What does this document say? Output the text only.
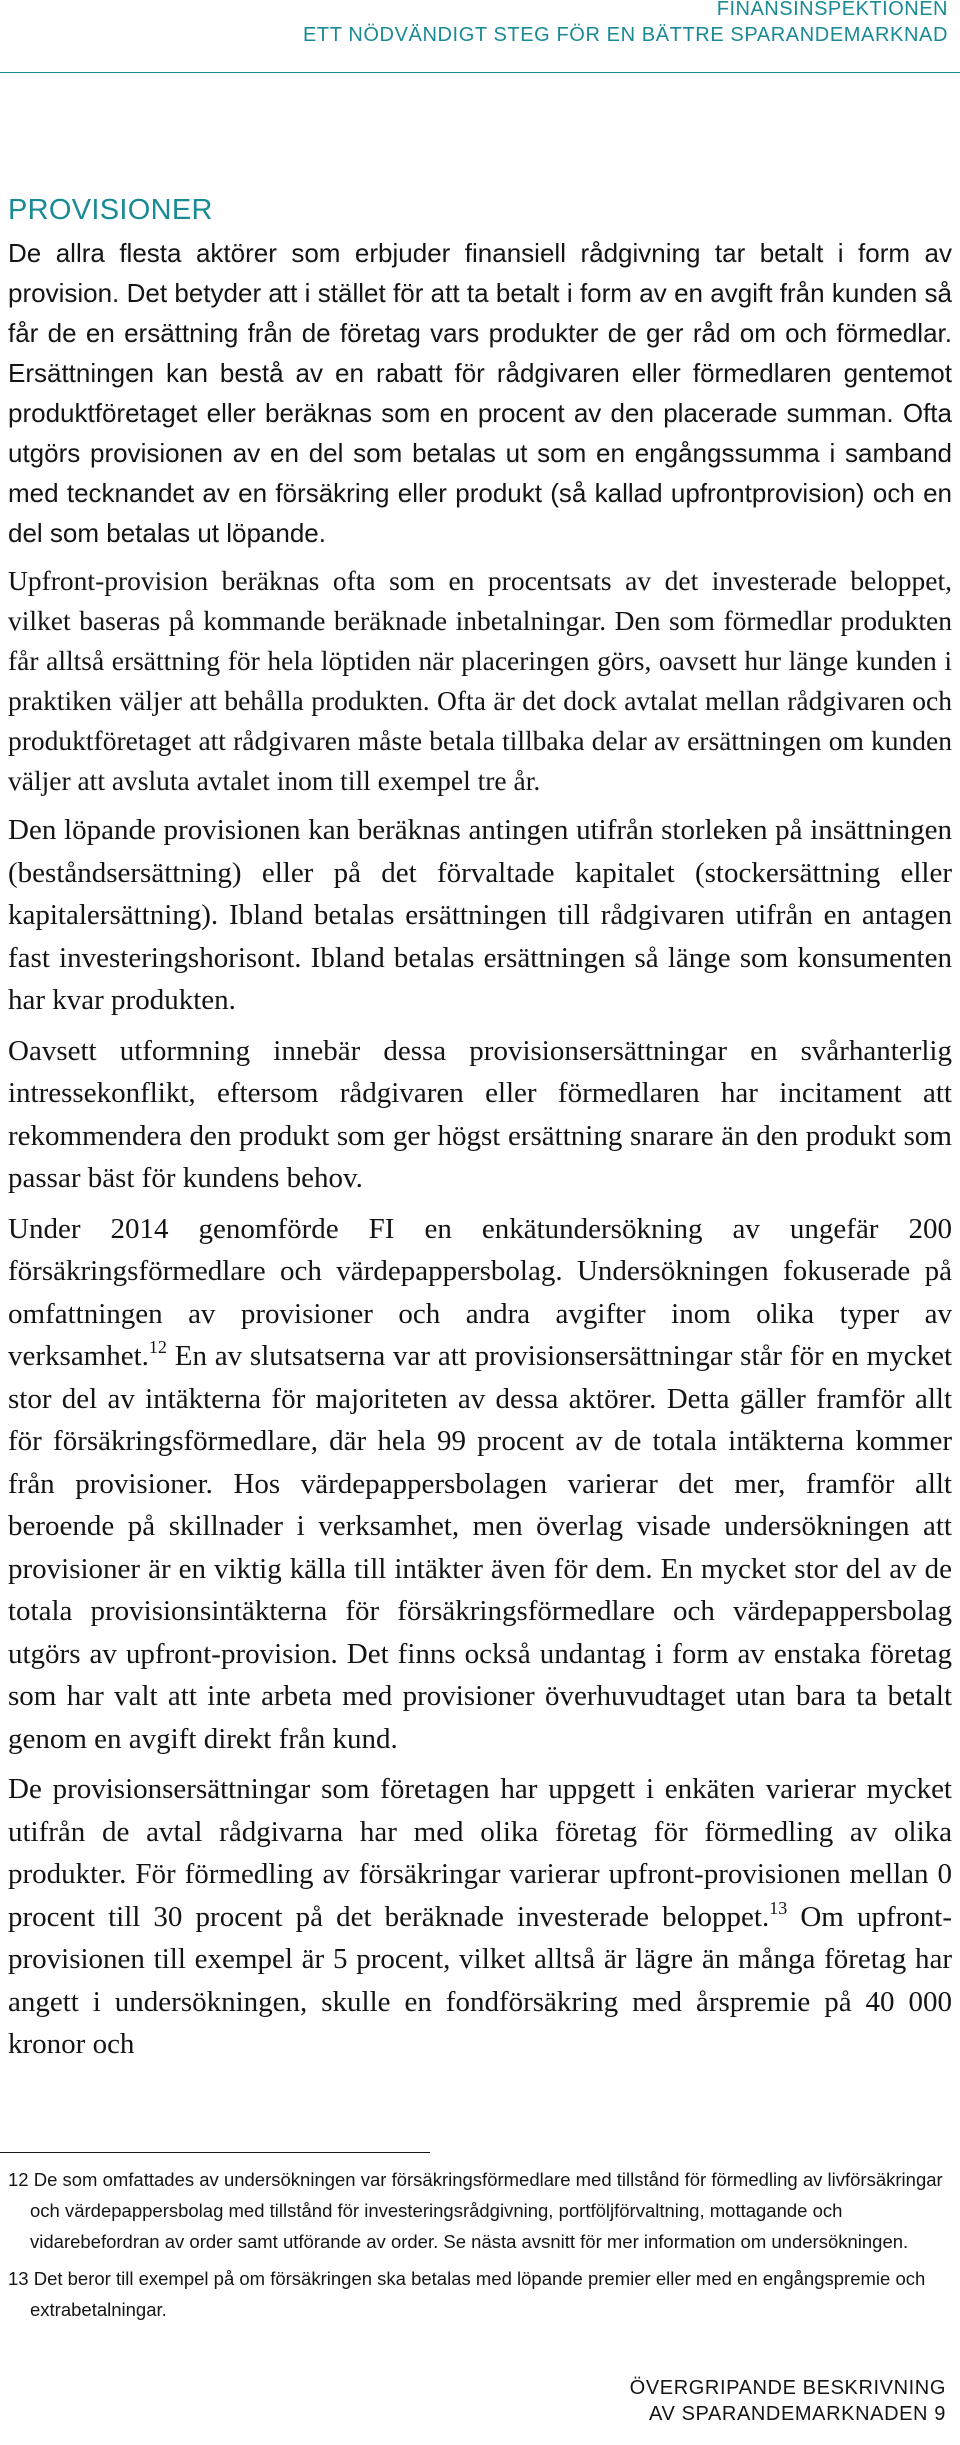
FINANSINSPEKTIONEN
ETT NÖDVÄNDIGT STEG FÖR EN BÄTTRE SPARANDEMARKNAD
PROVISIONER

De allra flesta aktörer som erbjuder finansiell rådgivning tar betalt i form av provision. Det betyder att i stället för att ta betalt i form av en avgift från kunden så får de en ersättning från de företag vars produkter de ger råd om och förmedlar. Ersättningen kan bestå av en rabatt för rådgivaren eller förmedlaren gentemot produktföretaget eller beräknas som en procent av den placerade summan. Ofta utgörs provisionen av en del som betalas ut som en engångssumma i samband med tecknandet av en försäkring eller produkt (så kallad upfrontprovision) och en del som betalas ut löpande.

Upfront-provision beräknas ofta som en procentsats av det investerade beloppet, vilket baseras på kommande beräknade inbetalningar. Den som förmedlar produkten får alltså ersättning för hela löptiden när placeringen görs, oavsett hur länge kunden i praktiken väljer att behålla produkten. Ofta är det dock avtalat mellan rådgivaren och produktföretaget att rådgivaren måste betala tillbaka delar av ersättningen om kunden väljer att avsluta avtalet inom till exempel tre år.

Den löpande provisionen kan beräknas antingen utifrån storleken på insättningen (beståndsersättning) eller på det förvaltade kapitalet (stockersättning eller kapitalersättning). Ibland betalas ersättningen till rådgivaren utifrån en antagen fast investeringshorisont. Ibland betalas ersättningen så länge som konsumenten har kvar produkten.

Oavsett utformning innebär dessa provisionsersättningar en svårhanterlig intressekonflikt, eftersom rådgivaren eller förmedlaren har incitament att rekommendera den produkt som ger högst ersättning snarare än den produkt som passar bäst för kundens behov.

Under 2014 genomförde FI en enkätundersökning av ungefär 200 försäkringsförmedlare och värdepappersbolag. Undersökningen fokuserade på omfattningen av provisioner och andra avgifter inom olika typer av verksamhet.$^{12}$ En av slutsatserna var att provisionsersättningar står för en mycket stor del av intäkterna för majoriteten av dessa aktörer. Detta gäller framför allt för försäkringsförmedlare, där hela 99 procent av de totala intäkterna kommer från provisioner. Hos värdepappersbolagen varierar det mer, framför allt beroende på skillnader i verksamhet, men överlag visade undersökningen att provisioner är en viktig källa till intäkter även för dem. En mycket stor del av de totala provisionsintäkterna för försäkringsförmedlare och värdepappersbolag utgörs av upfront-provision. Det finns också undantag i form av enstaka företag som har valt att inte arbeta med provisioner överhuvudtaget utan bara ta betalt genom en avgift direkt från kund.

De provisionsersättningar som företagen har uppgett i enkäten varierar mycket utifrån de avtal rådgivarna har med olika företag för förmedling av olika produkter. För förmedling av försäkringar varierar upfront-provisionen mellan 0 procent till 30 procent på det beräknade investerade beloppet.$^{13}$ Om upfront-provisionen till exempel är 5 procent, vilket alltså är lägre än många företag har angett i undersökningen, skulle en fondförsäkring med årspremie på 40 000 kronor och

12 De som omfattades av undersökningen var försäkringsförmedlare med tillstånd för förmedling av livförsäkringar och värdepappersbolag med tillstånd för investeringsrådgivning, portföljförvaltning, mottagande och vidarebefordran av order samt utförande av order. Se nästa avsnitt för mer information om undersökningen.

13 Det beror till exempel på om försäkringen ska betalas med löpande premier eller med en engångspremie och extrabetalningar.

ÖVERGRIPANDE BESKRIVNING
AV SPARANDEMARKNADEN 9
